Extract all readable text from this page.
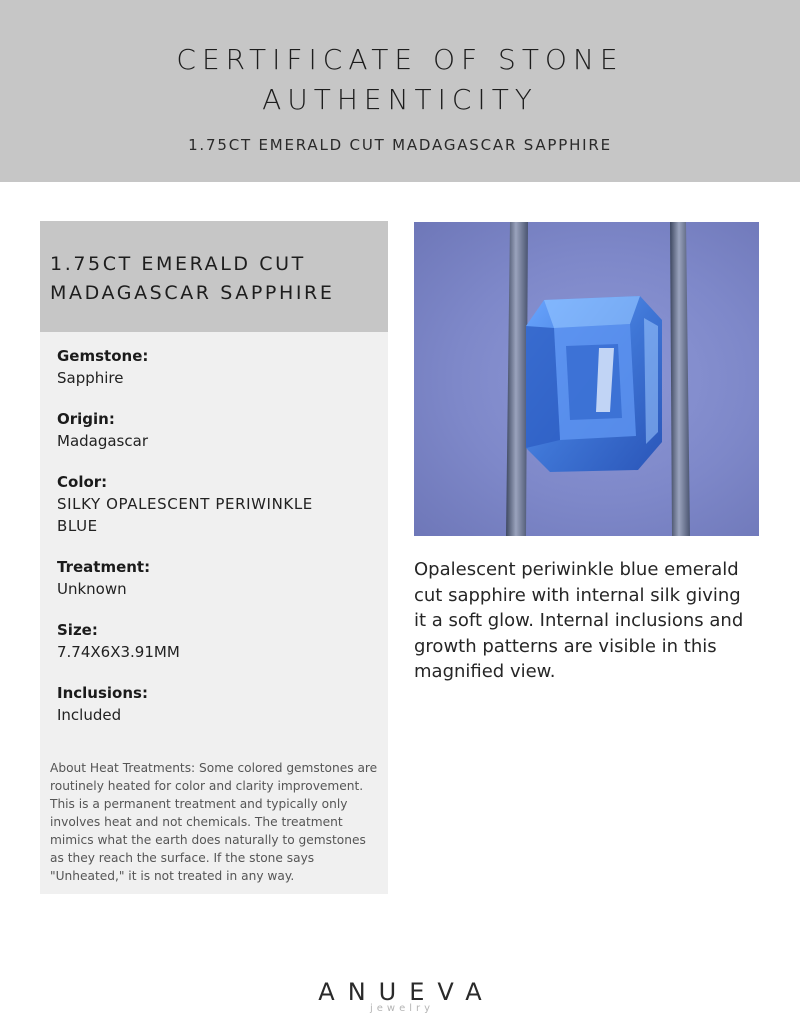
CERTIFICATE OF STONE
AUTHENTICITY
1.75CT EMERALD CUT MADAGASCAR SAPPHIRE
1.75CT EMERALD CUT
MADAGASCAR SAPPHIRE
Gemstone:
Sapphire
Origin:
Madagascar
Color:
SILKY OPALESCENT PERIWINKLE BLUE
Treatment:
Unknown
Size:
7.74X6X3.91MM
Inclusions:
Included
About Heat Treatments: Some colored gemstones are routinely heated for color and clarity improvement. This is a permanent treatment and typically only involves heat and not chemicals. The treatment mimics what the earth does naturally to gemstones as they reach the surface. If the stone says "Unheated," it is not treated in any way.
Opalescent periwinkle blue emerald cut sapphire with internal silk giving it a soft glow. Internal inclusions and growth patterns are visible in this magnified view.
ANUEVA
jewelry
